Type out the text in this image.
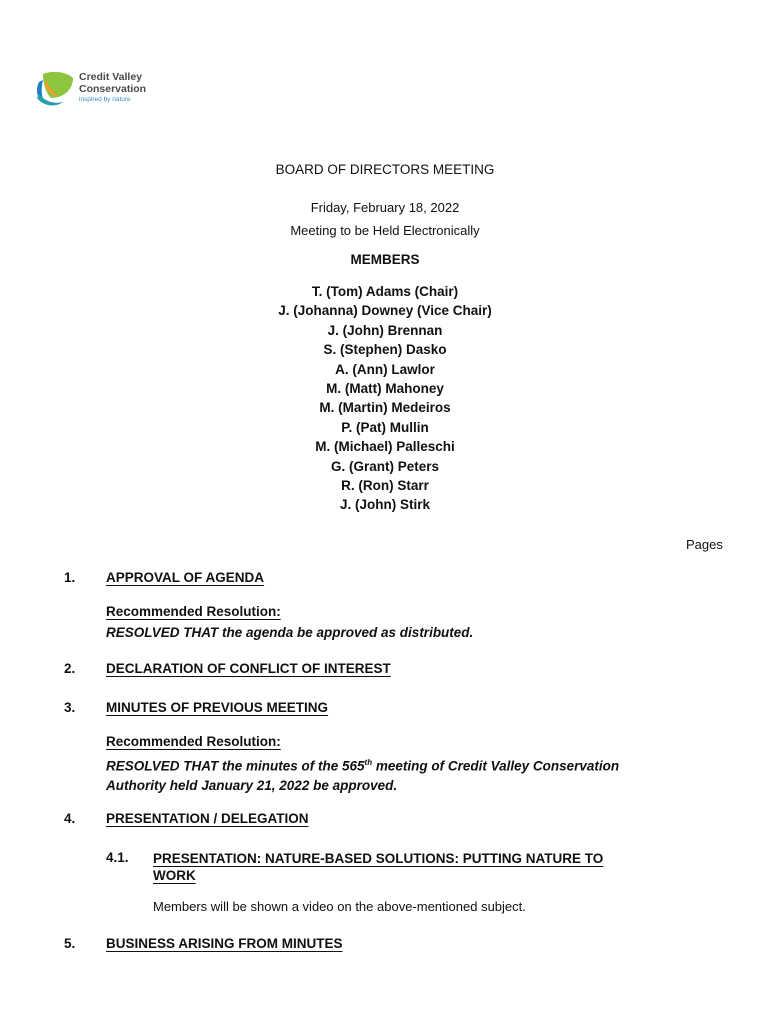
Credit Valley
Conservation
inspired by nature
BOARD OF DIRECTORS MEETING
Friday, February 18, 2022
Meeting to be Held Electronically
MEMBERS
T. (Tom) Adams (Chair)
J. (Johanna) Downey (Vice Chair)
J. (John) Brennan
S. (Stephen) Dasko
A. (Ann) Lawlor
M. (Matt) Mahoney
M. (Martin) Medeiros
P. (Pat) Mullin
M. (Michael) Palleschi
G. (Grant) Peters
R. (Ron) Starr
J. (John) Stirk
Pages
1. APPROVAL OF AGENDA
Recommended Resolution:
RESOLVED THAT the agenda be approved as distributed.
2. DECLARATION OF CONFLICT OF INTEREST
3. MINUTES OF PREVIOUS MEETING
Recommended Resolution:
RESOLVED THAT the minutes of the 565th meeting of Credit Valley Conservation
Authority held January 21, 2022 be approved.
4. PRESENTATION / DELEGATION
4.1. PRESENTATION: NATURE-BASED SOLUTIONS: PUTTING NATURE TO WORK
Members will be shown a video on the above-mentioned subject.
5. BUSINESS ARISING FROM MINUTES
